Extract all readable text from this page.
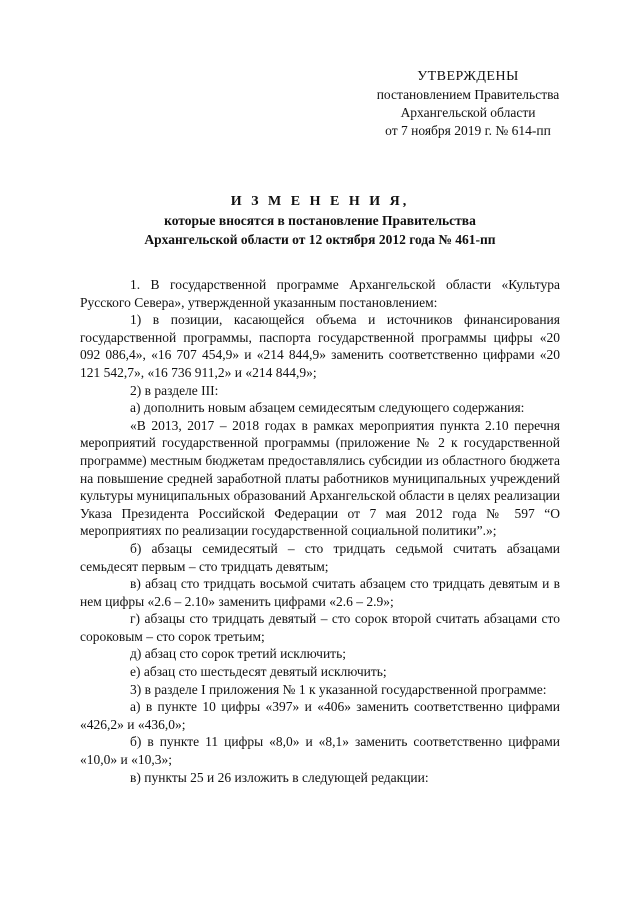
УТВЕРЖДЕНЫ
постановлением Правительства
Архангельской области
от 7 ноября 2019 г. № 614-пп
И З М Е Н Е Н И Я,
которые вносятся в постановление Правительства
Архангельской области от 12 октября 2012 года № 461-пп

1. В государственной программе Архангельской области «Культура Русского Севера», утвержденной указанным постановлением:

1) в позиции, касающейся объема и источников финансирования государственной программы, паспорта государственной программы цифры «20 092 086,4», «16 707 454,9» и «214 844,9» заменить соответственно цифрами «20 121 542,7», «16 736 911,2» и «214 844,9»;

2) в разделе III:

а) дополнить новым абзацем семидесятым следующего содержания:

«В 2013, 2017 – 2018 годах в рамках мероприятия пункта 2.10 перечня мероприятий государственной программы (приложение № 2 к государственной программе) местным бюджетам предоставлялись субсидии из областного бюджета на повышение средней заработной платы работников муниципальных учреждений культуры муниципальных образований Архангельской области в целях реализации Указа Президента Российской Федерации от 7 мая 2012 года № 597 “О мероприятиях по реализации государственной социальной политики”.»;

б) абзацы семидесятый – сто тридцать седьмой считать абзацами семьдесят первым – сто тридцать девятым;

в) абзац сто тридцать восьмой считать абзацем сто тридцать девятым и в нем цифры «2.6 – 2.10» заменить цифрами «2.6 – 2.9»;

г) абзацы сто тридцать девятый – сто сорок второй считать абзацами сто сороковым – сто сорок третьим;

д) абзац сто сорок третий исключить;

е) абзац сто шестьдесят девятый исключить;

3) в разделе I приложения № 1 к указанной государственной программе:

а) в пункте 10 цифры «397» и «406» заменить соответственно цифрами «426,2» и «436,0»;

б) в пункте 11 цифры «8,0» и «8,1» заменить соответственно цифрами «10,0» и «10,3»;

в) пункты 25 и 26 изложить в следующей редакции:
